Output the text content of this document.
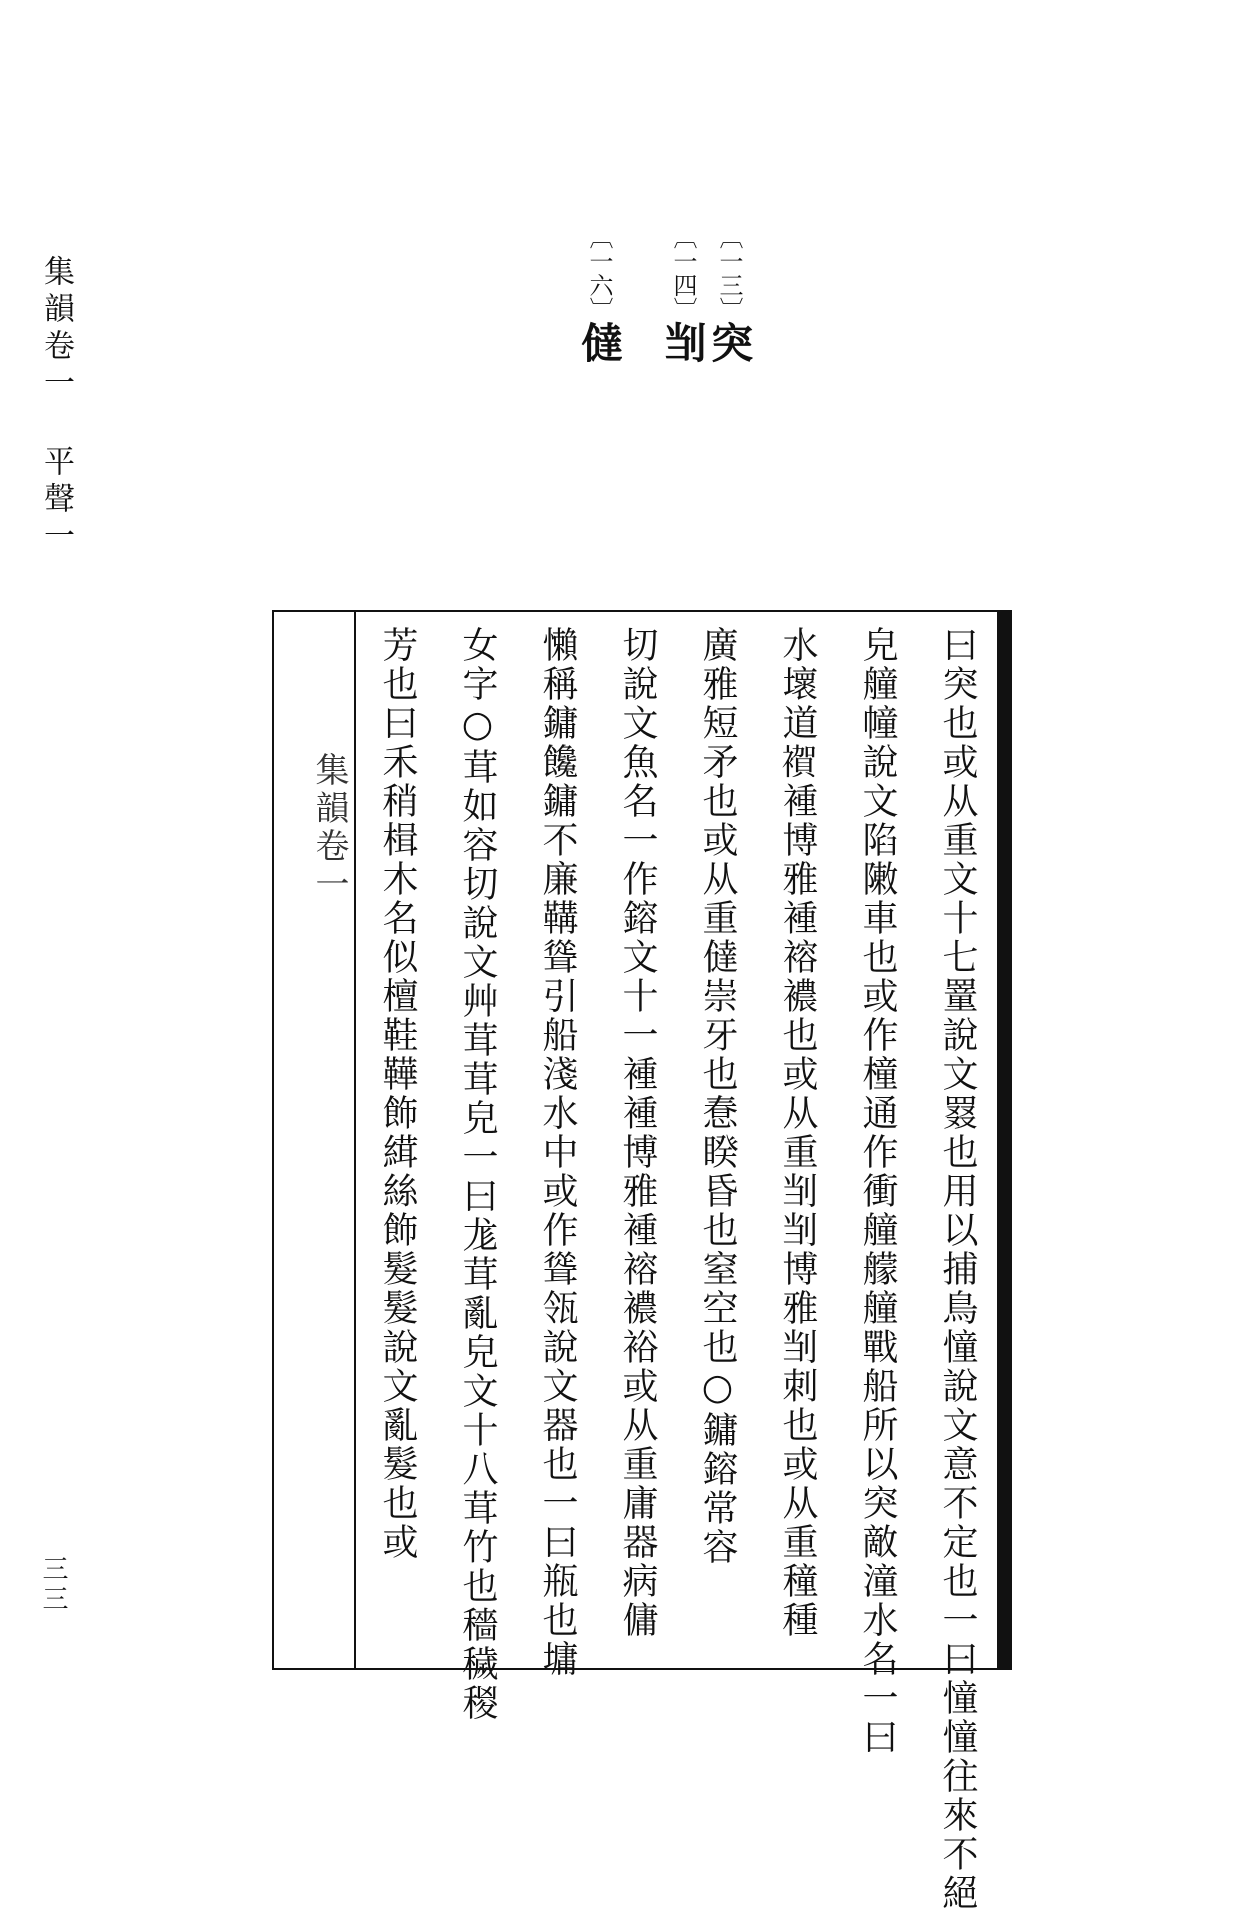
集韻卷一 平聲一
三三
〔一三〕突
〔一四〕㓥
〔一六〕㒓
集韻卷一	曰突也或从重文十七罿說文罬也用以捕鳥憧說文意不定也一曰憧憧往來不絕
皃艟幢說文陷敶車也或作橦通作衝艟艨艟戰船所以突敵潼水名一曰
水壞道𧝂褈博雅褈褣襛也或从重㓥㓥博雅㓥刺也或从重穜種
廣雅短矛也或从重㒓崇牙也惷睽昏也窒空也○鏞鎔常容
切說文魚名一作鎔文十一褈褈博雅褈褣襛裕或从重庸器病傭
懶稱鏞饞鏞不廉鞲聳引船淺水中或作聳瓴說文器也一曰瓶也墉
女字○茸如容切說文艸茸茸皃一曰尨茸亂皃文十八茸竹也穡穢稯
芳也曰禾稍楫木名似檀鞋鞾飾縙絲飾髮髮說文亂髮也或
